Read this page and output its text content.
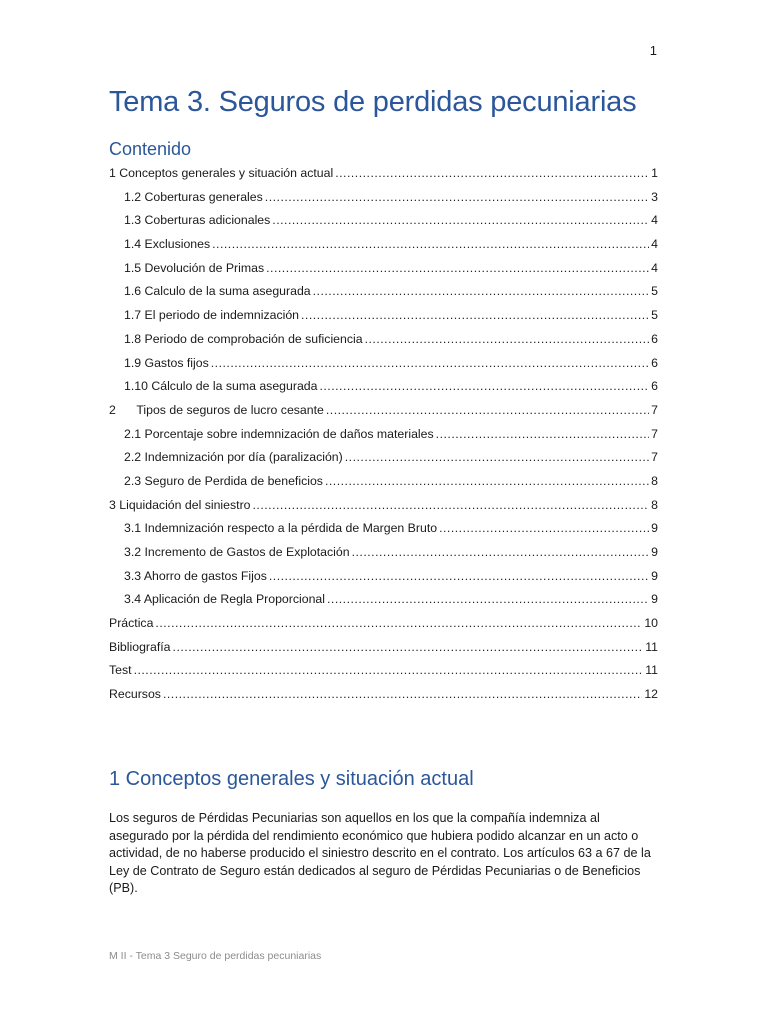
1
Tema 3. Seguros de perdidas pecuniarias
Contenido
1 Conceptos generales y situación actual .....	1
1.2 Coberturas generales .....	3
1.3 Coberturas adicionales .....	4
1.4 Exclusiones .....	4
1.5 Devolución de Primas .....	4
1.6 Calculo de la suma asegurada .....	5
1.7 El periodo de indemnización .....	5
1.8 Periodo de comprobación de suficiencia .....	6
1.9 Gastos fijos .....	6
1.10 Cálculo de la suma asegurada .....	6
2      Tipos de seguros de lucro cesante .....	7
2.1 Porcentaje sobre indemnización de daños materiales .....	7
2.2 Indemnización por día (paralización) .....	7
2.3 Seguro de Perdida de beneficios .....	8
3 Liquidación del siniestro .....	8
3.1 Indemnización respecto a la pérdida de Margen Bruto .....	9
3.2 Incremento de Gastos de Explotación .....	9
3.3 Ahorro de gastos Fijos .....	9
3.4 Aplicación de Regla Proporcional .....	9
Práctica .....	10
Bibliografía .....	11
Test .....	11
Recursos .....	12
1 Conceptos generales y situación actual

Los seguros de Pérdidas Pecuniarias son aquellos en los que la compañía indemniza al asegurado por la pérdida del rendimiento económico que hubiera podido alcanzar en un acto o actividad, de no haberse producido el siniestro descrito en el contrato. Los artículos 63 a 67 de la Ley de Contrato de Seguro están dedicados al seguro de Pérdidas Pecuniarias o de Beneficios (PB).

M II - Tema 3 Seguro de perdidas pecuniarias
